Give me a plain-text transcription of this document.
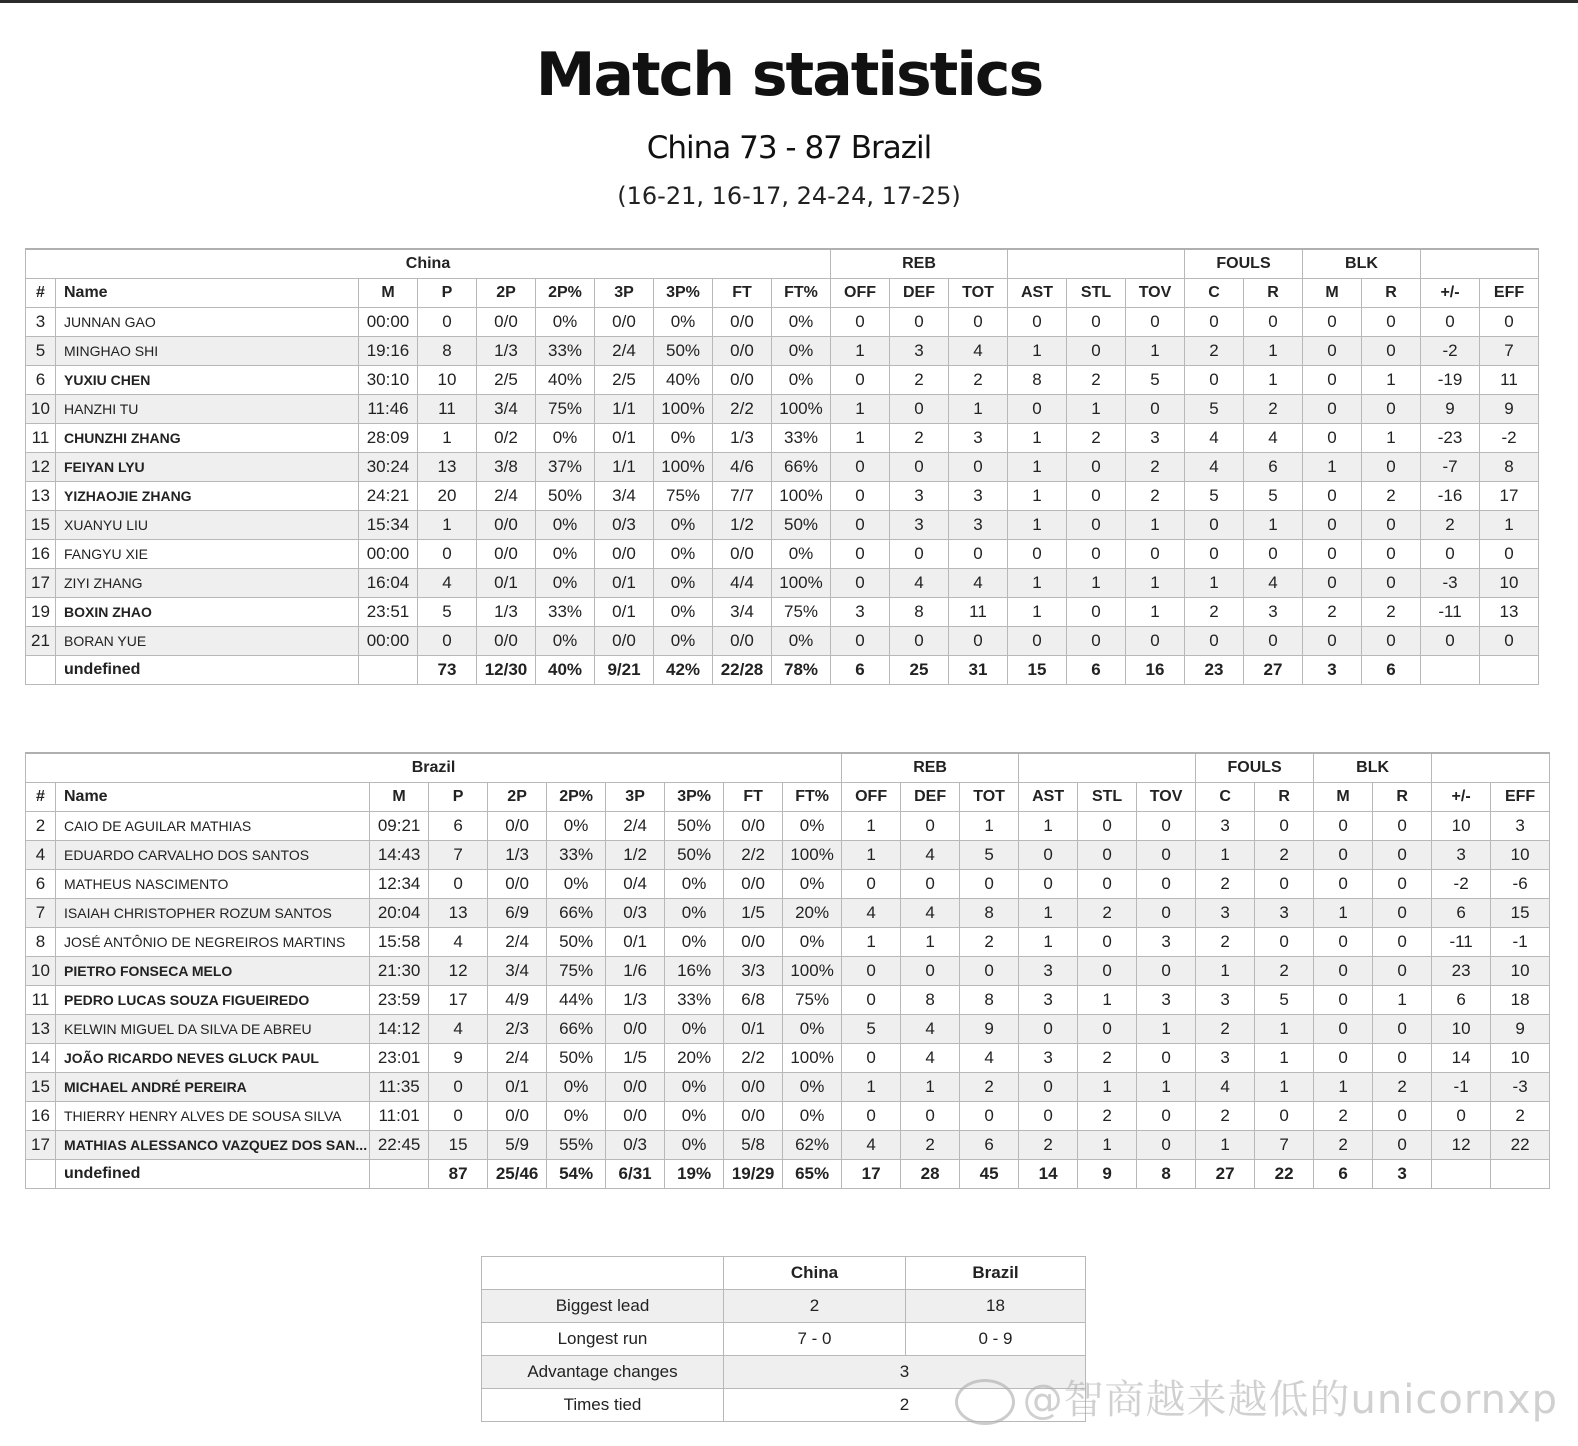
Match statistics
China 73 - 87 Brazil
(16-21, 16-17, 24-24, 17-25)
China										REB						FOULS		BLK			
#	Name	M	P	2P	2P%	3P	3P%	FT	FT%	OFF	DEF	TOT	AST	STL	TOV	C	R	M	R	+/-	EFF
3	JUNNAN GAO	00:00	0	0/0	0%	0/0	0%	0/0	0%	0	0	0	0	0	0	0	0	0	0	0	0
5	MINGHAO SHI	19:16	8	1/3	33%	2/4	50%	0/0	0%	1	3	4	1	0	1	2	1	0	0	-2	7
6	YUXIU CHEN	30:10	10	2/5	40%	2/5	40%	0/0	0%	0	2	2	8	2	5	0	1	0	1	-19	11
10	HANZHI TU	11:46	11	3/4	75%	1/1	100%	2/2	100%	1	0	1	0	1	0	5	2	0	0	9	9
11	CHUNZHI ZHANG	28:09	1	0/2	0%	0/1	0%	1/3	33%	1	2	3	1	2	3	4	4	0	1	-23	-2
12	FEIYAN LYU	30:24	13	3/8	37%	1/1	100%	4/6	66%	0	0	0	1	0	2	4	6	1	0	-7	8
13	YIZHAOJIE ZHANG	24:21	20	2/4	50%	3/4	75%	7/7	100%	0	3	3	1	0	2	5	5	0	2	-16	17
15	XUANYU LIU	15:34	1	0/0	0%	0/3	0%	1/2	50%	0	3	3	1	0	1	0	1	0	0	2	1
16	FANGYU XIE	00:00	0	0/0	0%	0/0	0%	0/0	0%	0	0	0	0	0	0	0	0	0	0	0	0
17	ZIYI ZHANG	16:04	4	0/1	0%	0/1	0%	4/4	100%	0	4	4	1	1	1	1	4	0	0	-3	10
19	BOXIN ZHAO	23:51	5	1/3	33%	0/1	0%	3/4	75%	3	8	11	1	0	1	2	3	2	2	-11	13
21	BORAN YUE	00:00	0	0/0	0%	0/0	0%	0/0	0%	0	0	0	0	0	0	0	0	0	0	0	0
	undefined		73	12/30	40%	9/21	42%	22/28	78%	6	25	31	15	6	16	23	27	3	6		
Brazil										REB						FOULS		BLK			
#	Name	M	P	2P	2P%	3P	3P%	FT	FT%	OFF	DEF	TOT	AST	STL	TOV	C	R	M	R	+/-	EFF
2	CAIO DE AGUILAR MATHIAS	09:21	6	0/0	0%	2/4	50%	0/0	0%	1	0	1	1	0	0	3	0	0	0	10	3
4	EDUARDO CARVALHO DOS SANTOS	14:43	7	1/3	33%	1/2	50%	2/2	100%	1	4	5	0	0	0	1	2	0	0	3	10
6	MATHEUS NASCIMENTO	12:34	0	0/0	0%	0/4	0%	0/0	0%	0	0	0	0	0	0	2	0	0	0	-2	-6
7	ISAIAH CHRISTOPHER ROZUM SANTOS	20:04	13	6/9	66%	0/3	0%	1/5	20%	4	4	8	1	2	0	3	3	1	0	6	15
8	JOSÉ ANTÔNIO DE NEGREIROS MARTINS	15:58	4	2/4	50%	0/1	0%	0/0	0%	1	1	2	1	0	3	2	0	0	0	-11	-1
10	PIETRO FONSECA MELO	21:30	12	3/4	75%	1/6	16%	3/3	100%	0	0	0	3	0	0	1	2	0	0	23	10
11	PEDRO LUCAS SOUZA FIGUEIREDO	23:59	17	4/9	44%	1/3	33%	6/8	75%	0	8	8	3	1	3	3	5	0	1	6	18
13	KELWIN MIGUEL DA SILVA DE ABREU	14:12	4	2/3	66%	0/0	0%	0/1	0%	5	4	9	0	0	1	2	1	0	0	10	9
14	JOÃO RICARDO NEVES GLUCK PAUL	23:01	9	2/4	50%	1/5	20%	2/2	100%	0	4	4	3	2	0	3	1	0	0	14	10
15	MICHAEL ANDRÉ PEREIRA	11:35	0	0/1	0%	0/0	0%	0/0	0%	1	1	2	0	1	1	4	1	1	2	-1	-3
16	THIERRY HENRY ALVES DE SOUSA SILVA	11:01	0	0/0	0%	0/0	0%	0/0	0%	0	0	0	0	2	0	2	0	2	0	0	2
17	MATHIAS ALESSANCO VAZQUEZ DOS SAN...	22:45	15	5/9	55%	0/3	0%	5/8	62%	4	2	6	2	1	0	1	7	2	0	12	22
	undefined		87	25/46	54%	6/31	19%	19/29	65%	17	28	45	14	9	8	27	22	6	3		
	China	Brazil
Biggest lead	2	18
Longest run	7 - 0	0 - 9
Advantage changes	3	
Times tied	2		@智商越来越低的unicornxp
